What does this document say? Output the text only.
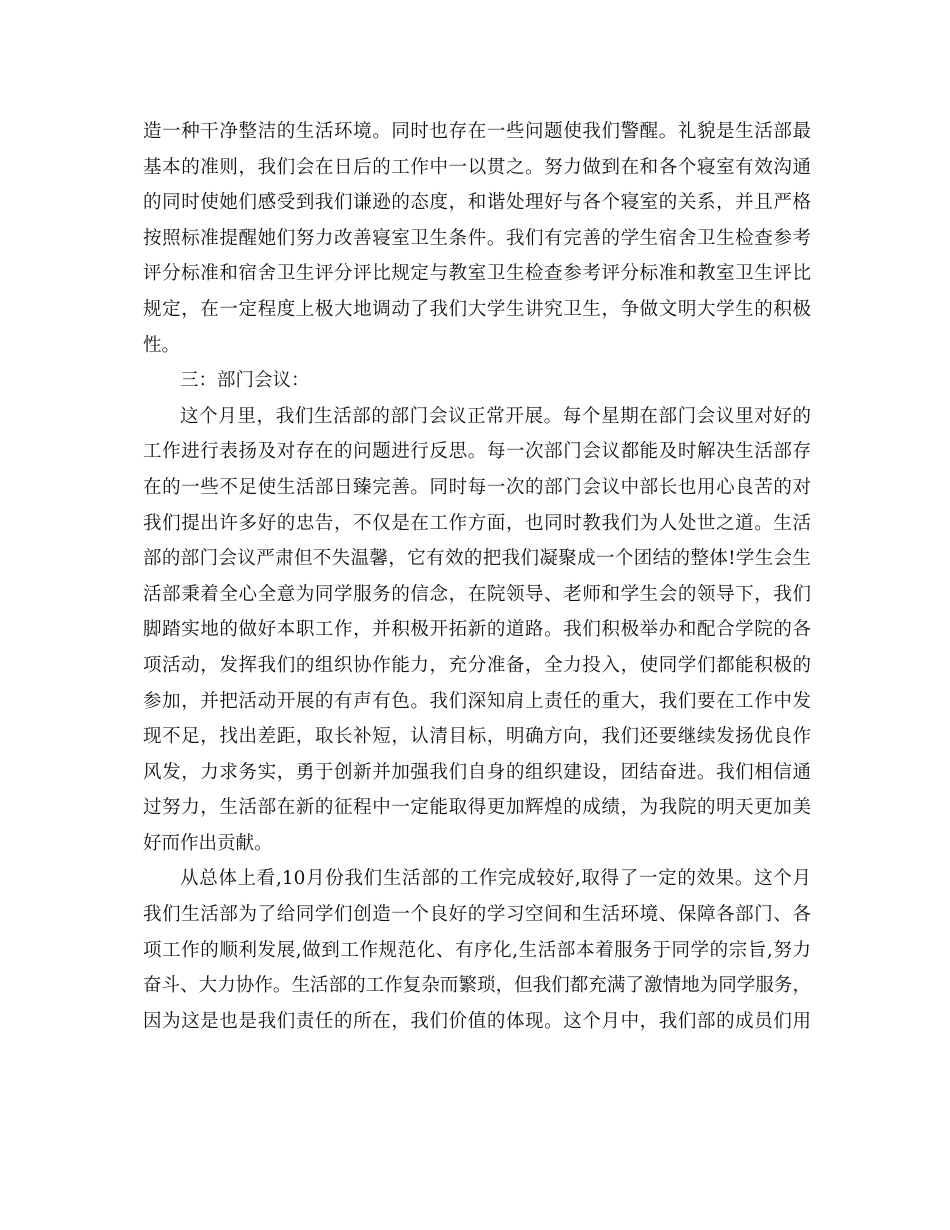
造一种干净整洁的生活环境。同时也存在一些问题使我们警醒。礼貌是生活部最
基本的准则，我们会在日后的工作中一以贯之。努力做到在和各个寝室有效沟通
的同时使她们感受到我们谦逊的态度，和谐处理好与各个寝室的关系，并且严格
按照标准提醒她们努力改善寝室卫生条件。我们有完善的学生宿舍卫生检查参考
评分标准和宿舍卫生评分评比规定与教室卫生检查参考评分标准和教室卫生评比
规定，在一定程度上极大地调动了我们大学生讲究卫生，争做文明大学生的积极
性。
三：部门会议：
这个月里，我们生活部的部门会议正常开展。每个星期在部门会议里对好的
工作进行表扬及对存在的问题进行反思。每一次部门会议都能及时解决生活部存
在的一些不足使生活部日臻完善。同时每一次的部门会议中部长也用心良苦的对
我们提出许多好的忠告，不仅是在工作方面，也同时教我们为人处世之道。生活
部的部门会议严肃但不失温馨，它有效的把我们凝聚成一个团结的整体!学生会生
活部秉着全心全意为同学服务的信念，在院领导、老师和学生会的领导下，我们
脚踏实地的做好本职工作，并积极开拓新的道路。我们积极举办和配合学院的各
项活动，发挥我们的组织协作能力，充分准备，全力投入，使同学们都能积极的
参加，并把活动开展的有声有色。我们深知肩上责任的重大，我们要在工作中发
现不足，找出差距，取长补短，认清目标，明确方向，我们还要继续发扬优良作
风发，力求务实，勇于创新并加强我们自身的组织建设，团结奋进。我们相信通
过努力，生活部在新的征程中一定能取得更加辉煌的成绩，为我院的明天更加美
好而作出贡献。
从总体上看,10月份我们生活部的工作完成较好,取得了一定的效果。这个月
我们生活部为了给同学们创造一个良好的学习空间和生活环境、保障各部门、各
项工作的顺利发展,做到工作规范化、有序化,生活部本着服务于同学的宗旨,努力
奋斗、大力协作。生活部的工作复杂而繁琐，但我们都充满了激情地为同学服务，
因为这是也是我们责任的所在，我们价值的体现。这个月中，我们部的成员们用
